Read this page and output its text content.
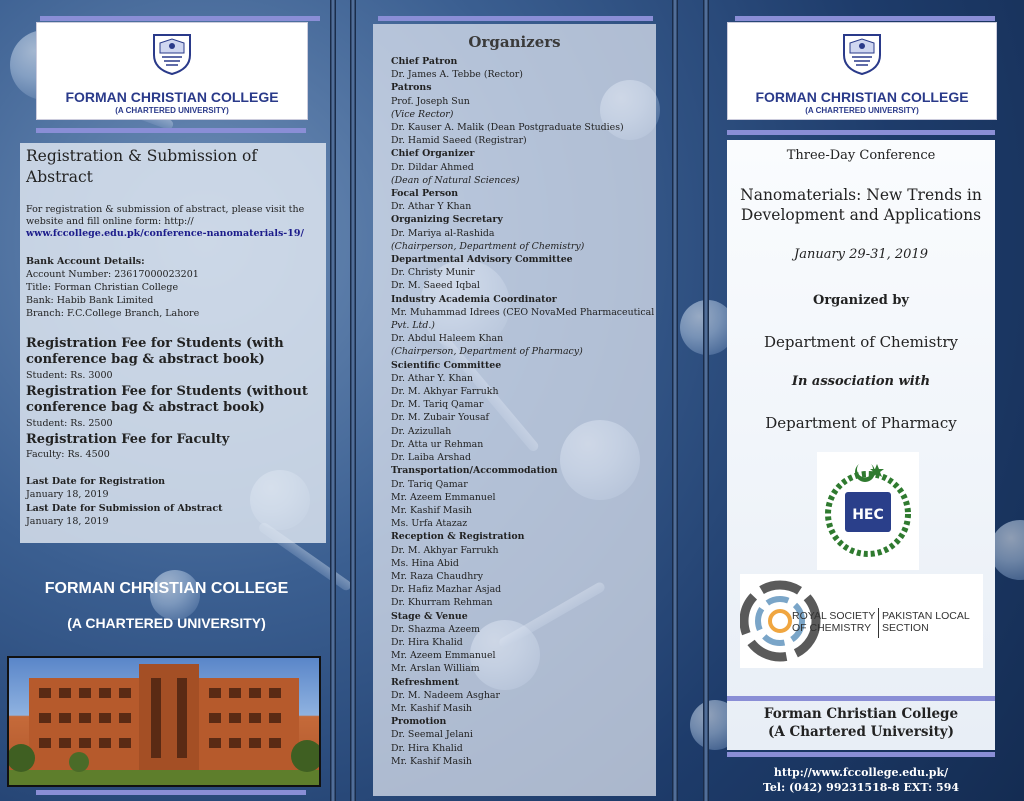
FORMAN CHRISTIAN COLLEGE
(A CHARTERED UNIVERSITY)
Registration & Submission of Abstract
For registration & submission of abstract, please visit the website and fill online form: http:// www.fccollege.edu.pk/conference-nanomaterials-19/
Bank Account Details:
Account Number: 23617000023201
Title: Forman Christian College
Bank: Habib Bank Limited
Branch: F.C.College Branch, Lahore
Registration Fee for Students (with conference bag & abstract book)
Student: Rs. 3000
Registration Fee for Students (without conference bag & abstract book)
Student: Rs. 2500
Registration Fee for Faculty
Faculty: Rs. 4500
Last Date for Registration
January 18, 2019
Last Date for Submission of Abstract
January 18, 2019
FORMAN CHRISTIAN COLLEGE
(A CHARTERED UNIVERSITY)
Organizers
Chief Patron
Dr. James A. Tebbe (Rector)
Patrons
Prof. Joseph Sun
(Vice Rector)
Dr. Kauser A. Malik (Dean Postgraduate Studies)
Dr. Hamid Saeed (Registrar)
Chief Organizer
Dr. Dildar Ahmed
(Dean of Natural Sciences)
Focal Person
Dr. Athar Y Khan
Organizing Secretary
Dr. Mariya al-Rashida
(Chairperson, Department of Chemistry)
Departmental Advisory Committee
Dr. Christy Munir
Dr. M. Saeed Iqbal
Industry Academia Coordinator
Mr. Muhammad Idrees (CEO NovaMed Pharmaceutical
Pvt. Ltd.)
Dr. Abdul Haleem Khan
(Chairperson, Department of Pharmacy)
Scientific Committee
Dr. Athar Y. Khan
Dr. M. Akhyar Farrukh
Dr. M. Tariq Qamar
Dr. M. Zubair Yousaf
Dr. Azizullah
Dr. Atta ur Rehman
Dr. Laiba Arshad
Transportation/Accommodation
Dr. Tariq Qamar
Mr. Azeem Emmanuel
Mr. Kashif Masih
Ms. Urfa Atazaz
Reception & Registration
Dr. M. Akhyar Farrukh
Ms. Hina Abid
Mr. Raza Chaudhry
Dr. Hafiz Mazhar Asjad
Dr. Khurram Rehman
Stage & Venue
Dr. Shazma Azeem
Dr. Hira Khalid
Mr. Azeem Emmanuel
Mr. Arslan William
Refreshment
Dr. M. Nadeem Asghar
Mr. Kashif Masih
Promotion
Dr. Seemal Jelani
Dr. Hira Khalid
Mr. Kashif Masih
FORMAN CHRISTIAN COLLEGE
(A CHARTERED UNIVERSITY)
Three-Day Conference
Nanomaterials: New Trends in Development and Applications
January 29-31, 2019
Organized by
Department of Chemistry
In association with
Department of Pharmacy
HEC
ROYAL SOCIETY OF CHEMISTRY
PAKISTAN LOCAL SECTION
Forman Christian College
(A Chartered University)
http://www.fccollege.edu.pk/
Tel: (042) 99231518-8 EXT: 594
